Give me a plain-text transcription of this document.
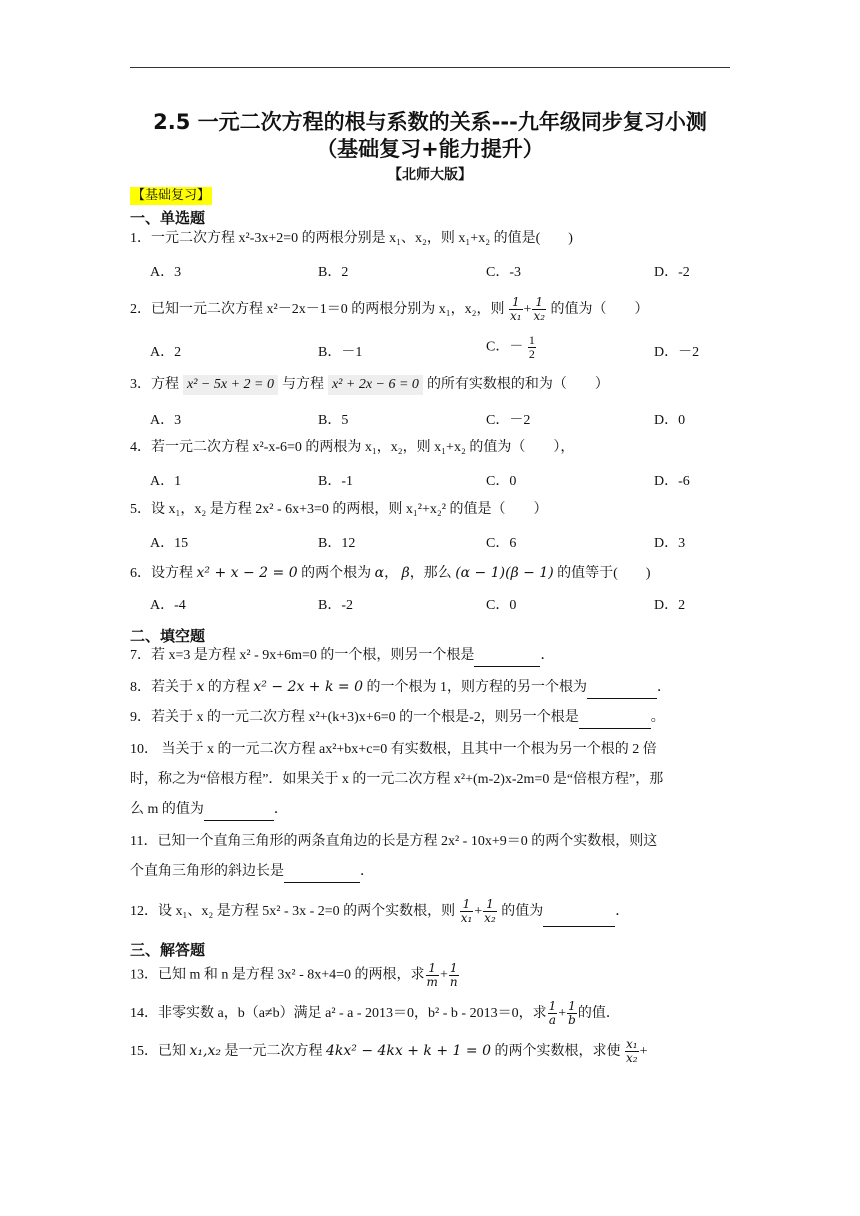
2.5 一元二次方程的根与系数的关系---九年级同步复习小测
（基础复习+能力提升）
【北师大版】
【基础复习】
一、单选题
1．一元二次方程 x²-3x+2=0 的两根分别是 x₁、x₂，则 x₁+x₂ 的值是(　　)
A．3	B．2	C．-3	D．-2
2．已知一元二次方程 x²－2x－1＝0 的两根分别为 x₁，x₂，则 $\frac{1}{\text{x₁}} + \frac{1}{\text{x₂}}$ 的值为（　　）
A．2	B．－1	C．－ $\frac{1}{2}$	D．－2
3．方程 x² − 5x + 2 = 0 与方程 x² + 2x − 6 = 0 的所有实数根的和为（　　）
A．3	B．5	C．－2	D．0
4．若一元二次方程 x²-x-6=0 的两根为 x₁，x₂，则 x₁+x₂ 的值为（　　），
A．1	B．-1	C．0	D．-6
5．设 x₁，x₂ 是方程 2x² - 6x+3=0 的两根，则 x₁²+x₂² 的值是（　　）
A．15	B．12	C．6	D．3
6．设方程 x² + x − 2 = 0 的两个根为 α， β，那么 (α − 1)(β − 1) 的值等于(　　)
A．-4	B．-2	C．0	D．2
二、填空题
7．若 x=3 是方程 x² - 9x+6m=0 的一个根，则另一个根是	．
8．若关于 x 的方程 x² − 2x + k = 0 的一个根为 1，则方程的另一个根为	．
9．若关于 x 的一元二次方程 x²+(k+3)x+6=0 的一个根是-2，则另一个根是	。
10． 当关于 x 的一元二次方程 ax²+bx+c=0 有实数根，且其中一个根为另一个根的 2 倍
时，称之为“倍根方程”．如果关于 x 的一元二次方程 x²+(m-2)x-2m=0 是“倍根方程”，那
么 m 的值为	．
11．已知一个直角三角形的两条直角边的长是方程 2x² - 10x+9＝0 的两个实数根，则这
个直角三角形的斜边长是	．
12．设 x₁、x₂ 是方程 5x² - 3x - 2=0 的两个实数根，则 $\frac{1}{\text{x₁}} + \frac{1}{\text{x₂}}$ 的值为	．
三、解答题
13．已知 m 和 n 是方程 3x² - 8x+4=0 的两根，求 $\frac{1}{m} + \frac{1}{n}$
14．非零实数 a，b（a≠b）满足 a² - a - 2013＝0，b² - b - 2013＝0，求 $\frac{1}{a} + \frac{1}{b}$ 的值．
15．已知 x₁,x₂ 是一元二次方程 4kx² − 4kx + k + 1 = 0 的两个实数根，求使 $\frac{\text{x₁}}{\text{x₂}}$ +
